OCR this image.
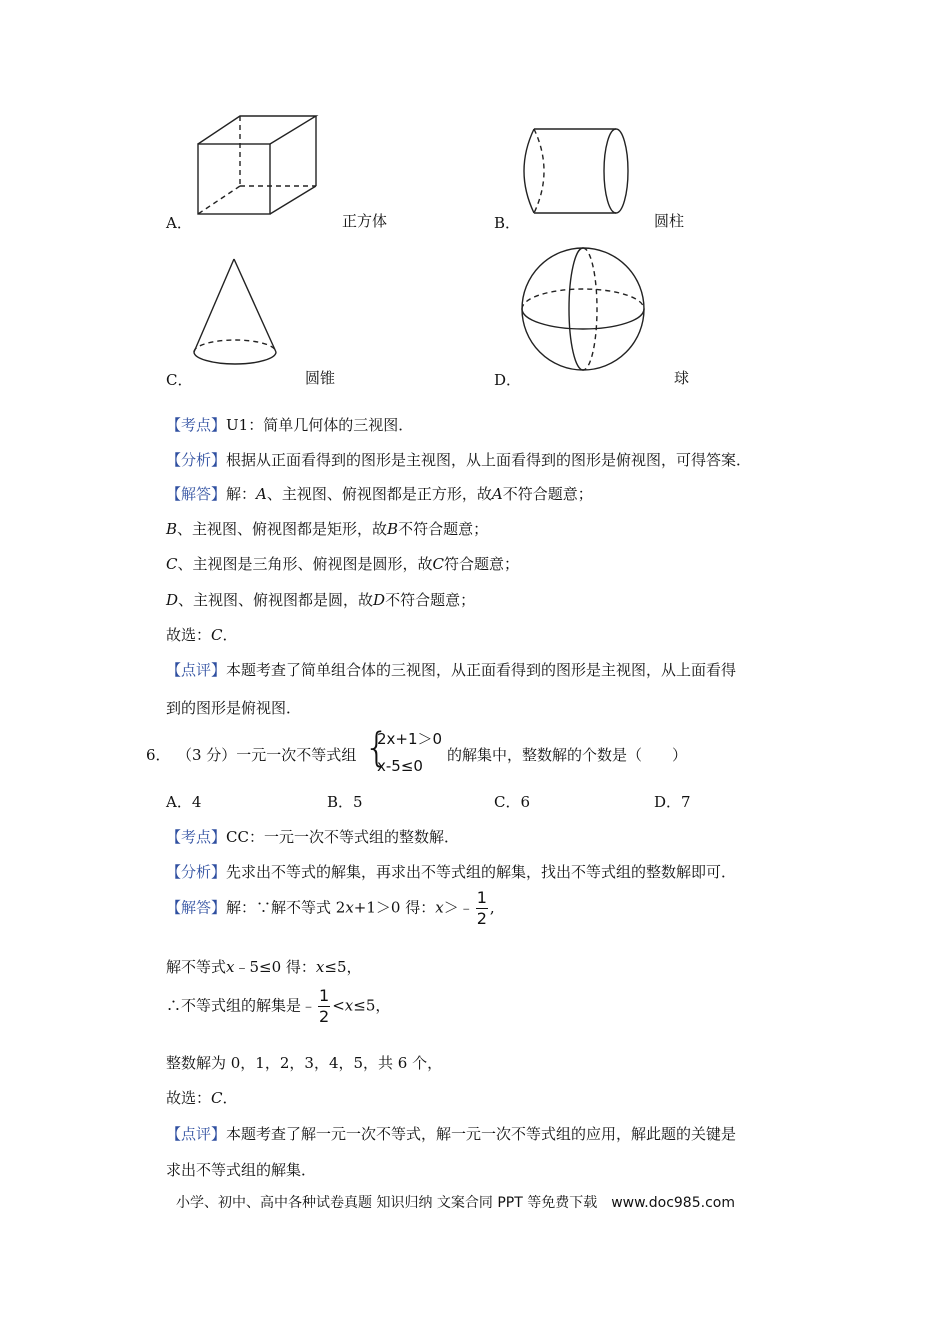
A．	正方体	B．	圆柱
C．	圆锥	D．	球
【考点】U1：简单几何体的三视图．
【分析】根据从正面看得到的图形是主视图，从上面看得到的图形是俯视图，可得答案．
【解答】解：A、主视图、俯视图都是正方形，故A不符合题意；
B、主视图、俯视图都是矩形，故B不符合题意；
C、主视图是三角形、俯视图是圆形，故C符合题意；
D、主视图、俯视图都是圆，故D不符合题意；
故选：C．
【点评】本题考查了简单组合体的三视图，从正面看得到的图形是主视图，从上面看得
到的图形是俯视图．
6． （3 分）一元一次不等式组 {
2x+1＞0
x-5≤0
的解集中，整数解的个数是（　　）
A．4	B．5	C．6	D．7
【考点】CC：一元一次不等式组的整数解．
【分析】先求出不等式的解集，再求出不等式组的解集，找出不等式组的整数解即可．
【解答】解：∵解不等式 2x+1＞0 得：x＞﹣ $\frac{1}{2}$ ,
解不等式x﹣5≤0 得：x≤5，
∴不等式组的解集是﹣ $\frac{1}{2} <x\le 5$，
整数解为 0，1，2，3，4，5，共 6 个，
故选：C．
【点评】本题考查了解一元一次不等式，解一元一次不等式组的应用，解此题的关键是
求出不等式组的解集．
小学、初中、高中各种试卷真题 知识归纳 文案合同 PPT 等免费下载　www.doc985.com
